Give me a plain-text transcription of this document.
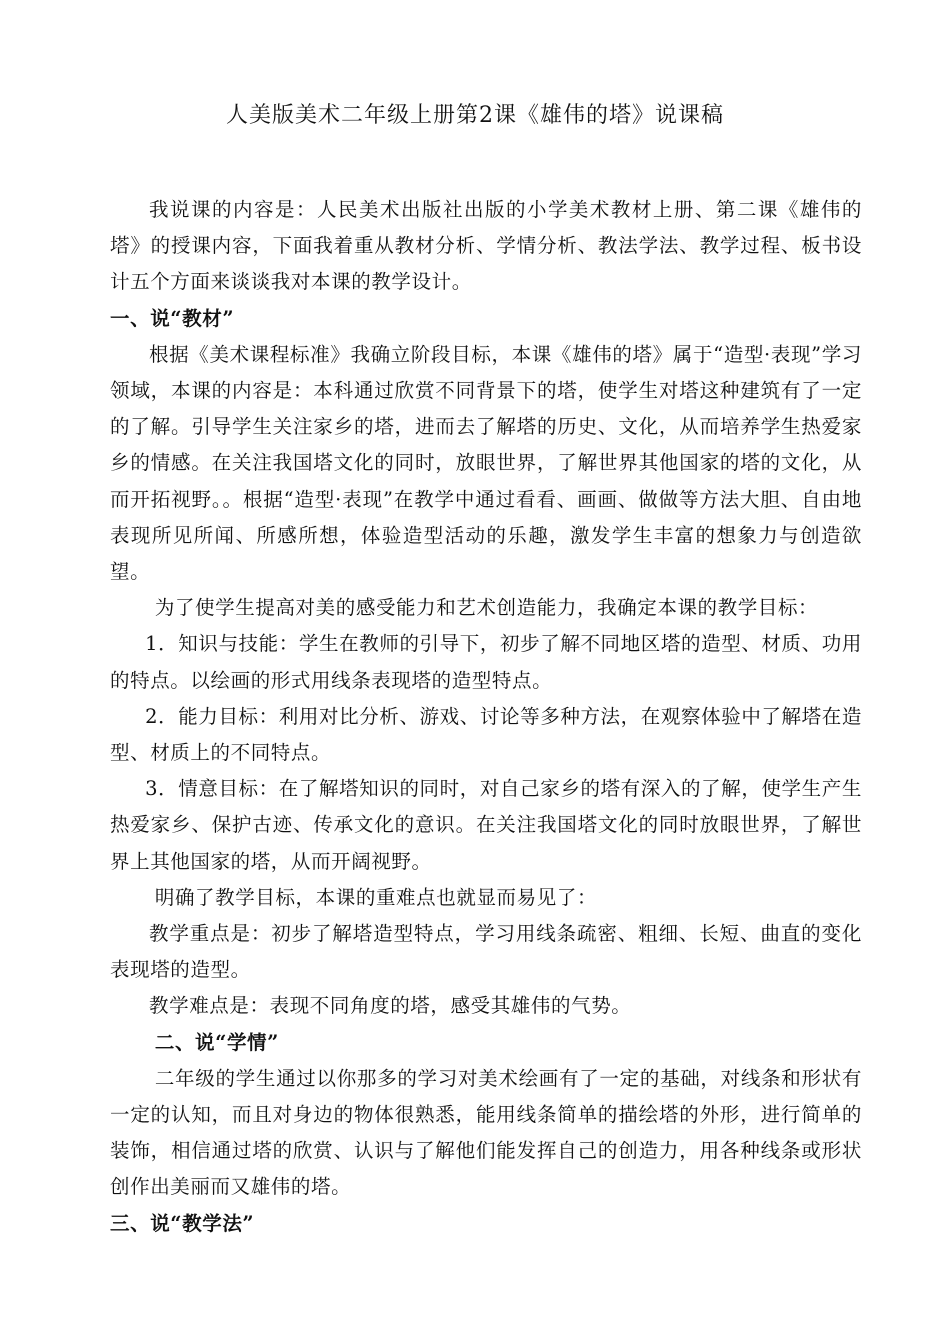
人美版美术二年级上册第2课《雄伟的塔》说课稿

我说课的内容是：人民美术出版社出版的小学美术教材上册、第二课《雄伟的塔》的授课内容，下面我着重从教材分析、学情分析、教法学法、教学过程、板书设计五个方面来谈谈我对本课的教学设计。

一、说“教材”

根据《美术课程标准》我确立阶段目标，本课《雄伟的塔》属于“造型·表现”学习领域，本课的内容是：本科通过欣赏不同背景下的塔，使学生对塔这种建筑有了一定的了解。引导学生关注家乡的塔，进而去了解塔的历史、文化，从而培养学生热爱家乡的情感。在关注我国塔文化的同时，放眼世界，了解世界其他国家的塔的文化，从而开拓视野。。根据“造型·表现”在教学中通过看看、画画、做做等方法大胆、自由地表现所见所闻、所感所想，体验造型活动的乐趣，激发学生丰富的想象力与创造欲望。

为了使学生提高对美的感受能力和艺术创造能力，我确定本课的教学目标：

1．知识与技能：学生在教师的引导下，初步了解不同地区塔的造型、材质、功用的特点。以绘画的形式用线条表现塔的造型特点。

2．能力目标：利用对比分析、游戏、讨论等多种方法，在观察体验中了解塔在造型、材质上的不同特点。

3．情意目标：在了解塔知识的同时，对自己家乡的塔有深入的了解，使学生产生热爱家乡、保护古迹、传承文化的意识。在关注我国塔文化的同时放眼世界，了解世界上其他国家的塔，从而开阔视野。

明确了教学目标，本课的重难点也就显而易见了：

教学重点是：初步了解塔造型特点，学习用线条疏密、粗细、长短、曲直的变化表现塔的造型。

教学难点是：表现不同角度的塔，感受其雄伟的气势。

二、说“学情”

二年级的学生通过以你那多的学习对美术绘画有了一定的基础，对线条和形状有一定的认知，而且对身边的物体很熟悉，能用线条简单的描绘塔的外形，进行简单的装饰，相信通过塔的欣赏、认识与了解他们能发挥自己的创造力，用各种线条或形状创作出美丽而又雄伟的塔。

三、说“教学法”
